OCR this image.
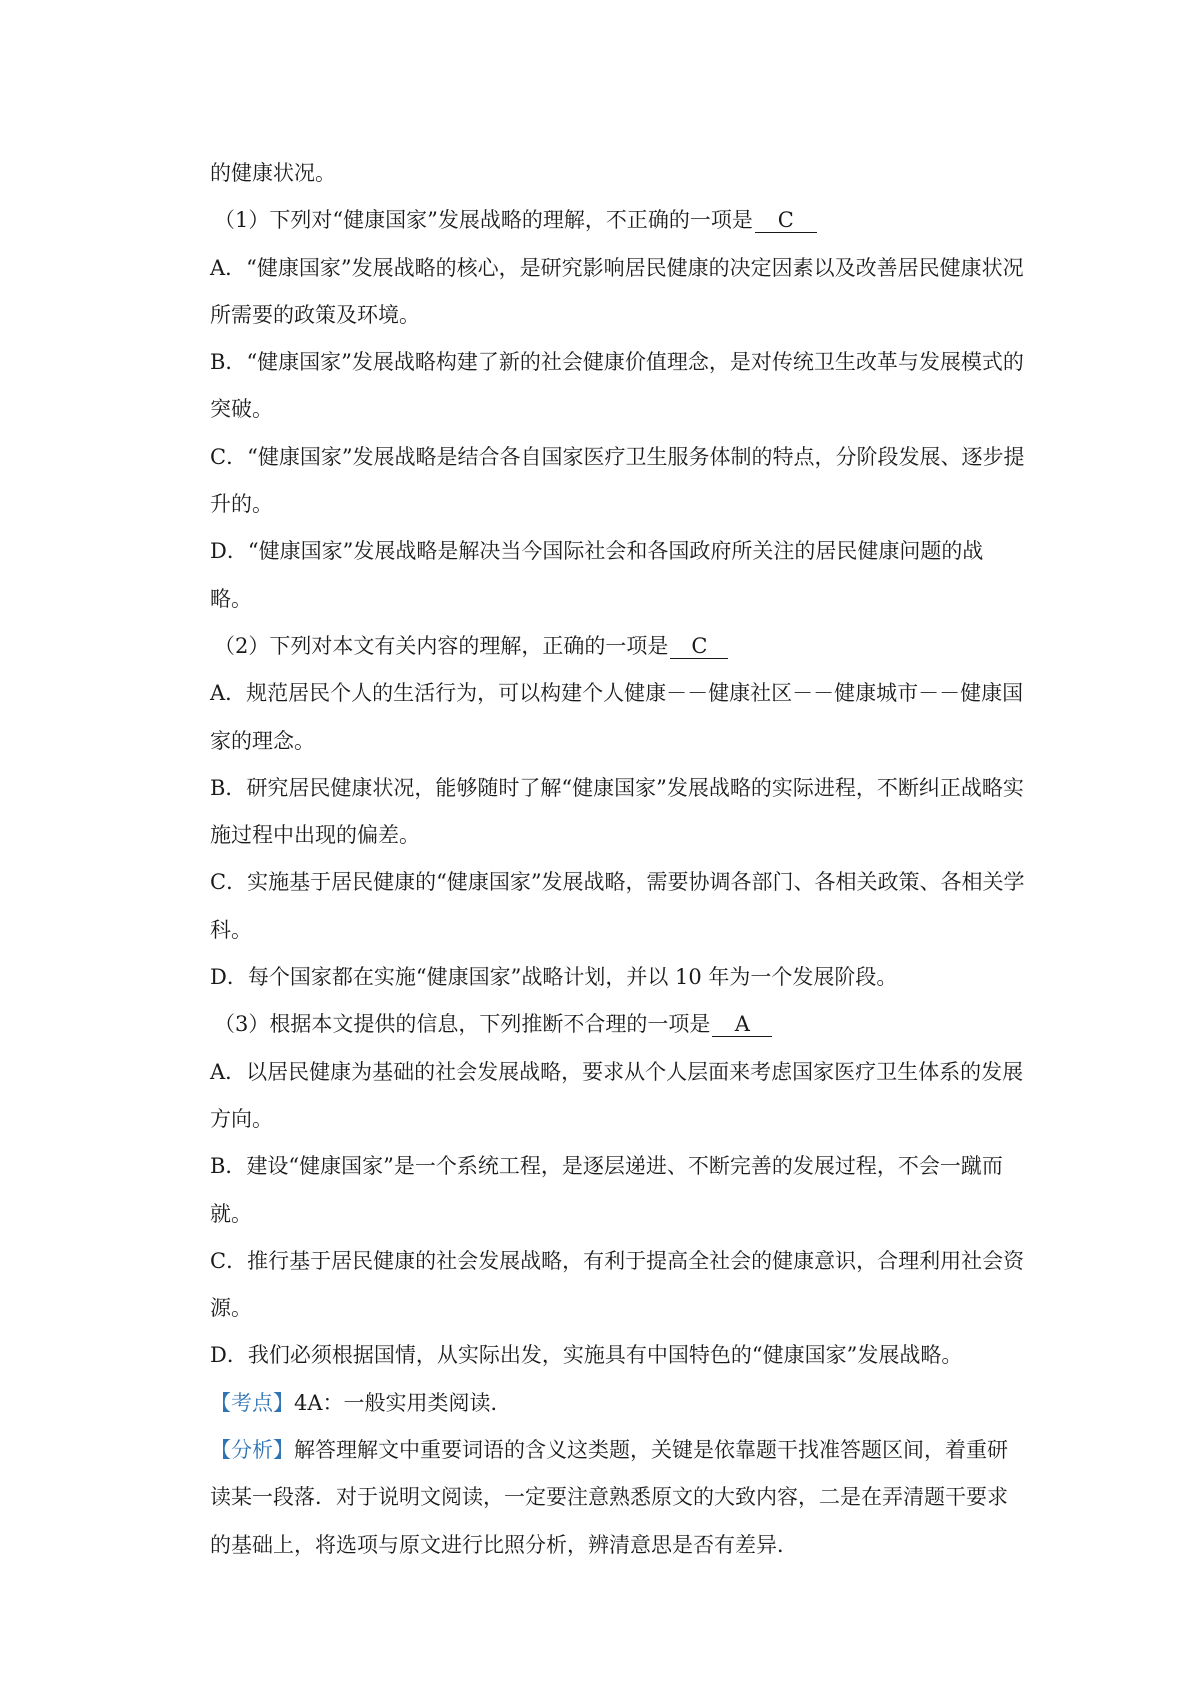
的健康状况。

（1）下列对“健康国家”发展战略的理解，不正确的一项是 C

A．“健康国家”发展战略的核心，是研究影响居民健康的决定因素以及改善居民健康状况所需要的政策及环境。

B．“健康国家”发展战略构建了新的社会健康价值理念，是对传统卫生改革与发展模式的突破。

C．“健康国家”发展战略是结合各自国家医疗卫生服务体制的特点，分阶段发展、逐步提升的。

D．“健康国家”发展战略是解决当今国际社会和各国政府所关注的居民健康问题的战略。

（2）下列对本文有关内容的理解，正确的一项是 C

A．规范居民个人的生活行为，可以构建个人健康－－健康社区－－健康城市－－健康国家的理念。

B．研究居民健康状况，能够随时了解“健康国家”发展战略的实际进程，不断纠正战略实施过程中出现的偏差。

C．实施基于居民健康的“健康国家”发展战略，需要协调各部门、各相关政策、各相关学科。

D．每个国家都在实施“健康国家”战略计划，并以 10 年为一个发展阶段。

（3）根据本文提供的信息，下列推断不合理的一项是 A

A．以居民健康为基础的社会发展战略，要求从个人层面来考虑国家医疗卫生体系的发展方向。

B．建设“健康国家”是一个系统工程，是逐层递进、不断完善的发展过程，不会一蹴而就。

C．推行基于居民健康的社会发展战略，有利于提高全社会的健康意识，合理利用社会资源。

D．我们必须根据国情，从实际出发，实施具有中国特色的“健康国家”发展战略。

【考点】4A：一般实用类阅读．

【分析】解答理解文中重要词语的含义这类题，关键是依靠题干找准答题区间，着重研读某一段落．对于说明文阅读，一定要注意熟悉原文的大致内容，二是在弄清题干要求的基础上，将选项与原文进行比照分析，辨清意思是否有差异．
